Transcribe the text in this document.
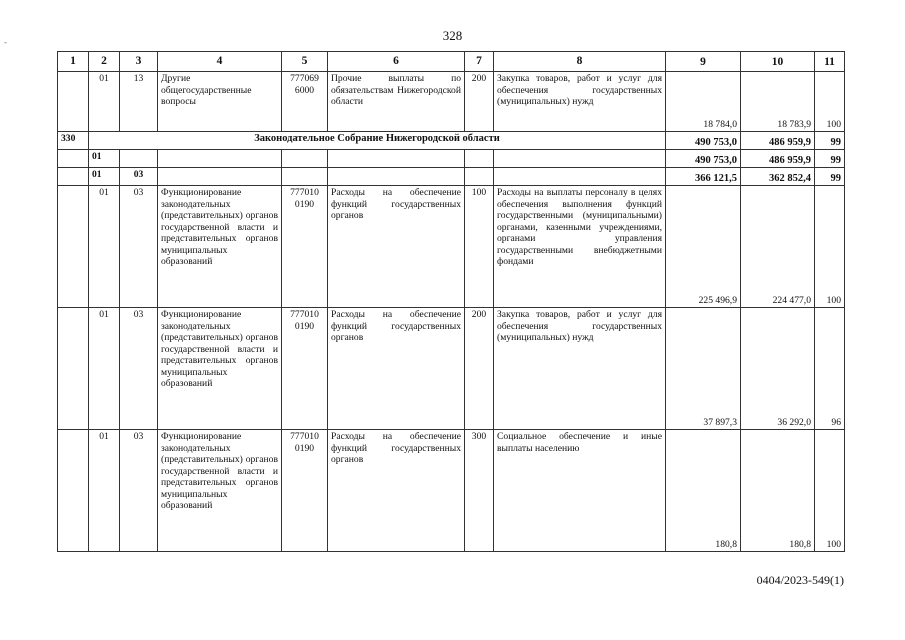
328
-
1	2	3	4	5	6	7	8	9	10	11
	01	13	Другие общегосударственные вопросы	777069 6000	Прочие выплаты по обязательствам Нижегородской области	200	Закупка товаров, работ и услуг для обеспечения государственных (муниципальных) нужд	18 784,0	18 783,9	100
330	Законодательное Собрание Нижегородской области							490 753,0	486 959,9	99
	01							490 753,0	486 959,9	99
	01	03						366 121,5	362 852,4	99
	01	03	Функционирование законодательных (представительных) органов государственной власти и представительных органов муниципальных образований	777010 0190	Расходы на обеспечение функций государственных органов	100	Расходы на выплаты персоналу в целях обеспечения выполнения функций государственными (муниципальными) органами, казенными учреждениями, органами управления государственными внебюджетными фондами	225 496,9	224 477,0	100
	01	03	Функционирование законодательных (представительных) органов государственной власти и представительных органов муниципальных образований	777010 0190	Расходы на обеспечение функций государственных органов	200	Закупка товаров, работ и услуг для обеспечения государственных (муниципальных) нужд	37 897,3	36 292,0	96
	01	03	Функционирование законодательных (представительных) органов государственной власти и представительных органов муниципальных образований	777010 0190	Расходы на обеспечение функций государственных органов	300	Социальное обеспечение и иные выплаты населению	180,8	180,8	100
0404/2023-549(1)
